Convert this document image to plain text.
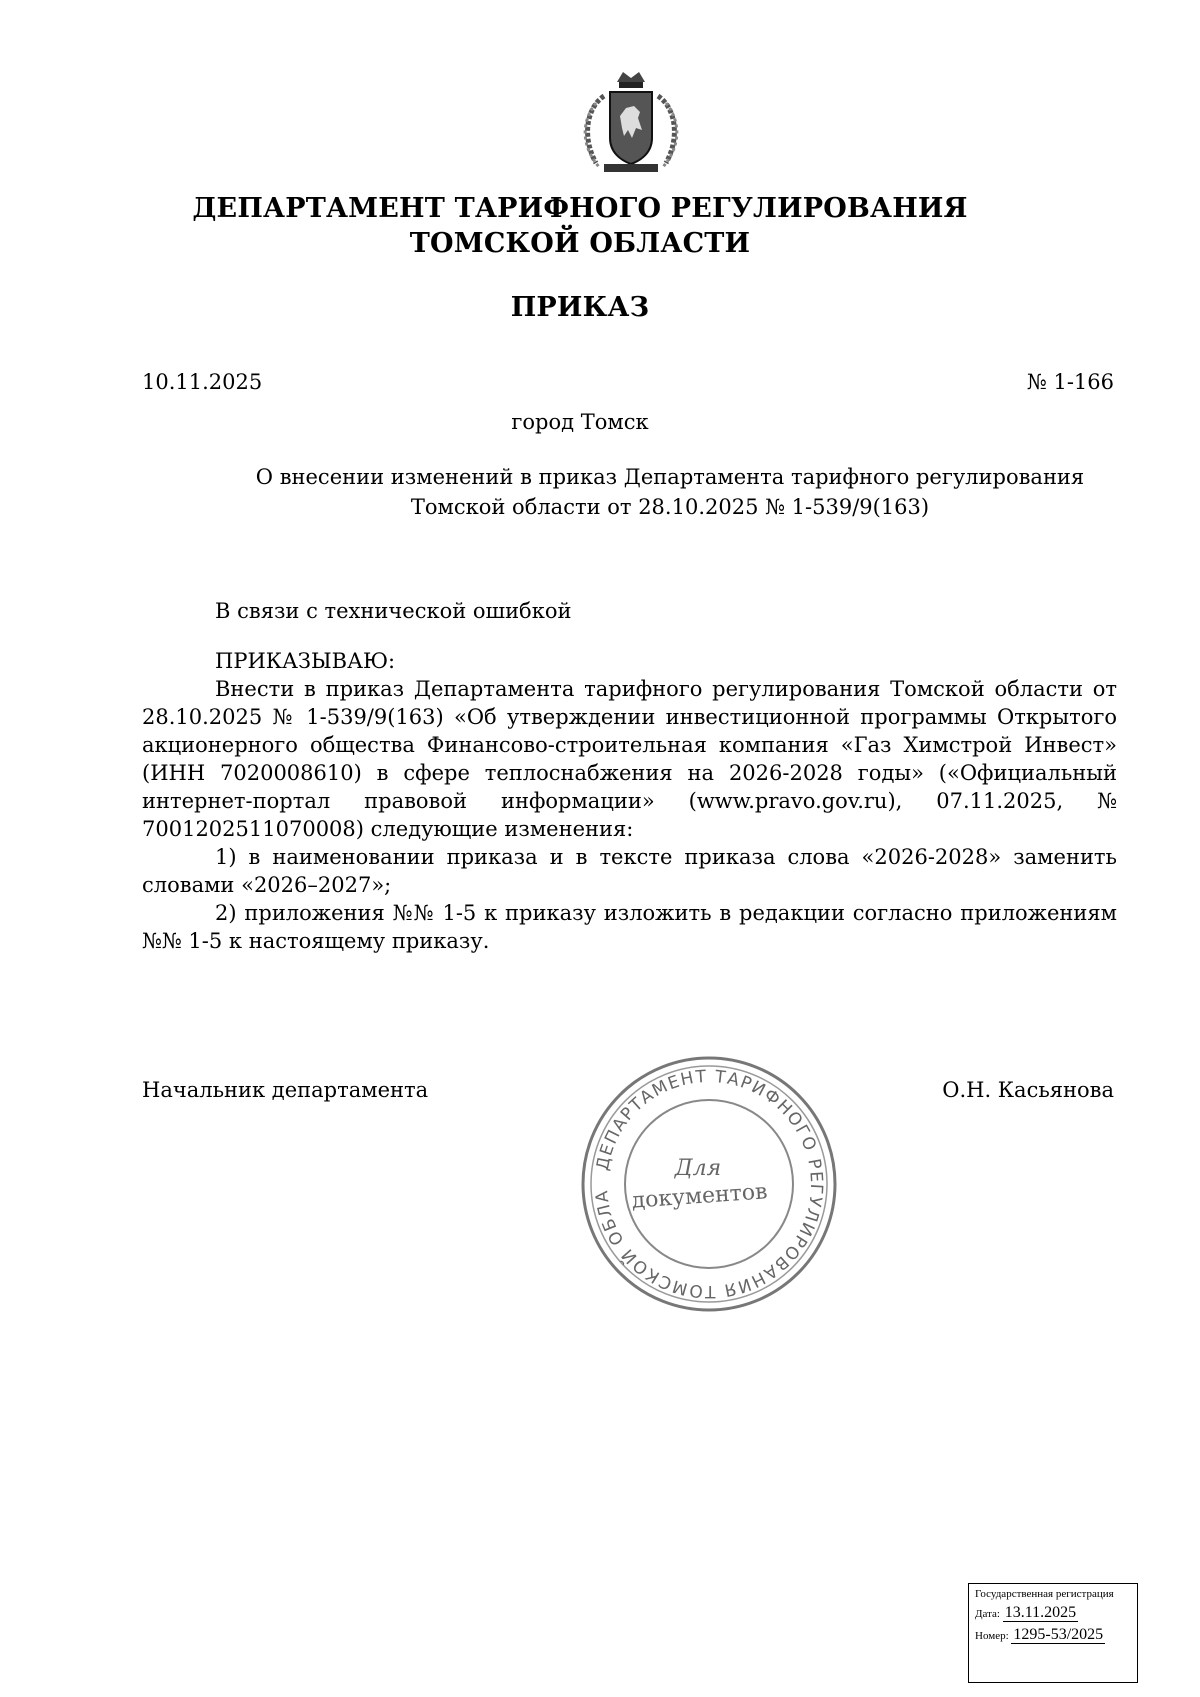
ДЕПАРТАМЕНТ ТАРИФНОГО РЕГУЛИРОВАНИЯ
ТОМСКОЙ ОБЛАСТИ
ПРИКАЗ
10.11.2025	№ 1-166
город Томск
О внесении изменений в приказ Департамента тарифного регулирования
Томской области от 28.10.2025 № 1-539/9(163)

В связи с технической ошибкой

ПРИКАЗЫВАЮ:

Внести в приказ Департамента тарифного регулирования Томской области от 28.10.2025 № 1-539/9(163) «Об утверждении инвестиционной программы Открытого акционерного общества Финансово-строительная компания «Газ Химстрой Инвест» (ИНН 7020008610) в сфере теплоснабжения на 2026-2028 годы» («Официальный интернет-портал правовой информации» (www.pravo.gov.ru), 07.11.2025, № 7001202511070008) следующие изменения:

1) в наименовании приказа и в тексте приказа слова «2026-2028» заменить словами «2026–2027»;

2) приложения №№ 1-5 к приказу изложить в редакции согласно приложениям №№ 1-5 к настоящему приказу.

Начальник департамента	О.Н. Касьянова
ДЕПАРТАМЕНТ ТАРИФНОГО РЕГУЛИРОВАНИЯ ТОМСКОЙ ОБЛА
Для
документов
Государственная регистрация
Дата: 13.11.2025
Номер: 1295-53/2025
